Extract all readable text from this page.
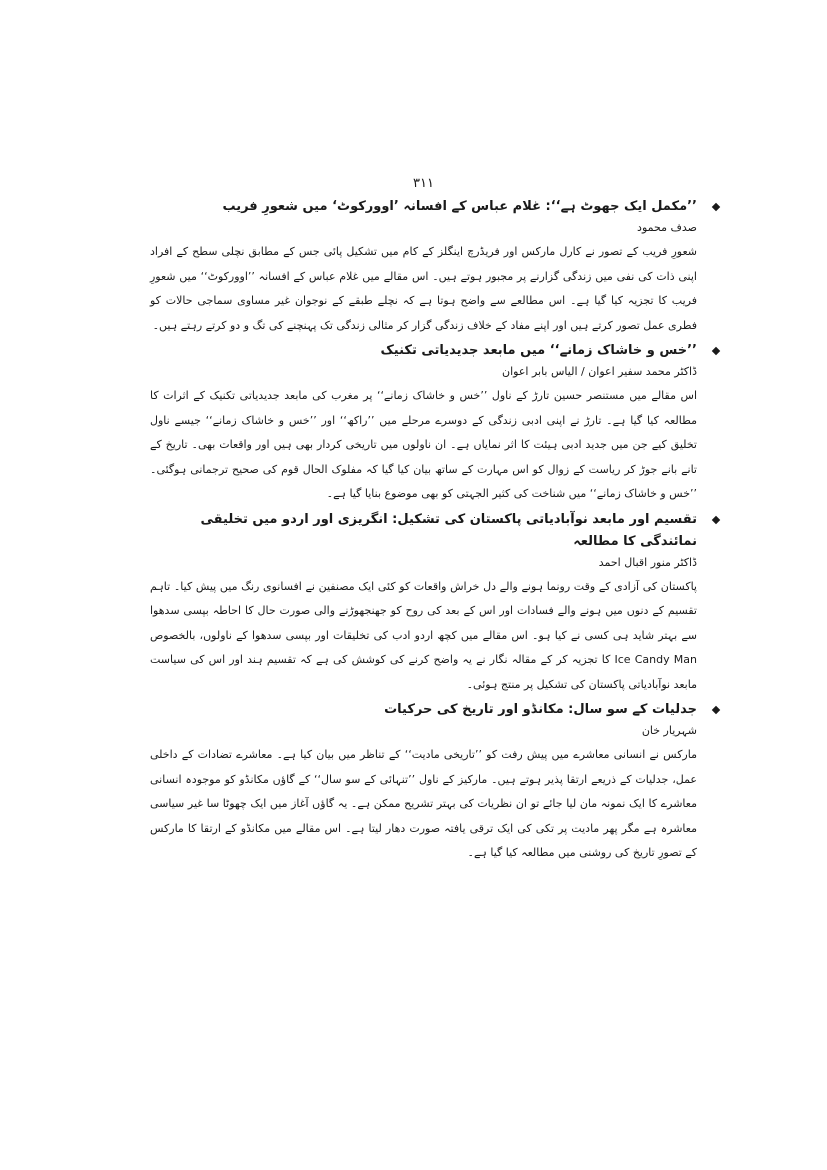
٣١١
’’مکمل ایک جھوٹ ہے‘‘: غلام عباس کے افسانہ ’اوورکوٹ‘ میں شعورِ فریب
صدف محمود

شعورِ فریب کے تصور نے کارل مارکس اور فریڈرچ اینگلز کے کام میں تشکیل پائی جس کے مطابق نچلی سطح کے افراد اپنی ذات کی نفی میں زندگی گزارنے پر مجبور ہوتے ہیں۔ اس مقالے میں غلام عباس کے افسانہ ’’اوورکوٹ‘‘ میں شعورِ فریب کا تجزیہ کیا گیا ہے۔ اس مطالعے سے واضح ہوتا ہے کہ نچلے طبقے کے نوجوان غیر مساوی سماجی حالات کو فطری عمل تصور کرتے ہیں اور اپنے مفاد کے خلاف زندگی گزار کر مثالی زندگی تک پہنچنے کی تگ و دو کرتے رہتے ہیں۔

’’خس و خاشاک زمانے‘‘ میں مابعد جدیدیاتی تکنیک
ڈاکٹر محمد سفیر اعوان / الیاس بابر اعوان

اس مقالے میں مستنصر حسین تارڑ کے ناول ’’خس و خاشاک زمانے‘‘ پر مغرب کی مابعد جدیدیاتی تکنیک کے اثرات کا مطالعہ کیا گیا ہے۔ تارڑ نے اپنی ادبی زندگی کے دوسرے مرحلے میں ’’راکھ‘‘ اور ’’خس و خاشاک زمانے‘‘ جیسے ناول تخلیق کیے جن میں جدید ادبی ہیئت کا اثر نمایاں ہے۔ ان ناولوں میں تاریخی کردار بھی ہیں اور واقعات بھی۔ تاریخ کے تانے بانے جوڑ کر ریاست کے زوال کو اس مہارت کے ساتھ بیان کیا گیا کہ مفلوک الحال قوم کی صحیح ترجمانی ہوگئی۔ ’’خس و خاشاک زمانے‘‘ میں شناخت کی کثیر الجہتی کو بھی موضوع بنایا گیا ہے۔

تقسیم اور مابعد نوآبادیاتی پاکستان کی تشکیل: انگریزی اور اردو میں تخلیقی نمائندگی کا مطالعہ
ڈاکٹر منور اقبال احمد

پاکستان کی آزادی کے وقت رونما ہونے والے دل خراش واقعات کو کئی ایک مصنفین نے افسانوی رنگ میں پیش کیا۔ تاہم تقسیم کے دنوں میں ہونے والے فسادات اور اس کے بعد کی روح کو جھنجھوڑنے والی صورت حال کا احاطہ بپسی سدھوا سے بہتر شاید ہی کسی نے کیا ہو۔ اس مقالے میں کچھ اردو ادب کی تخلیقات اور بپسی سدھوا کے ناولوں، بالخصوص Ice Candy Man کا تجزیہ کر کے مقالہ نگار نے یہ واضح کرنے کی کوشش کی ہے کہ تقسیم ہند اور اس کی سیاست مابعد نوآبادیاتی پاکستان کی تشکیل پر منتج ہوئی۔

جدلیات کے سو سال: مکانڈو اور تاریخ کی حرکیات
شہریار خان

مارکس نے انسانی معاشرے میں پیش رفت کو ’’تاریخی مادیت‘‘ کے تناظر میں بیان کیا ہے۔ معاشرے تضادات کے داخلی عمل، جدلیات کے ذریعے ارتقا پذیر ہوتے ہیں۔ مارکیز کے ناول ’’تنہائی کے سو سال‘‘ کے گاؤں مکانڈو کو موجودہ انسانی معاشرے کا ایک نمونہ مان لیا جائے تو ان نظریات کی بہتر تشریح ممکن ہے۔ یہ گاؤں آغاز میں ایک چھوٹا سا غیر سیاسی معاشرہ ہے مگر پھر مادیت پر تکی کی ایک ترقی یافتہ صورت دھار لیتا ہے۔ اس مقالے میں مکانڈو کے ارتقا کا مارکس کے تصورِ تاریخ کی روشنی میں مطالعہ کیا گیا ہے۔
